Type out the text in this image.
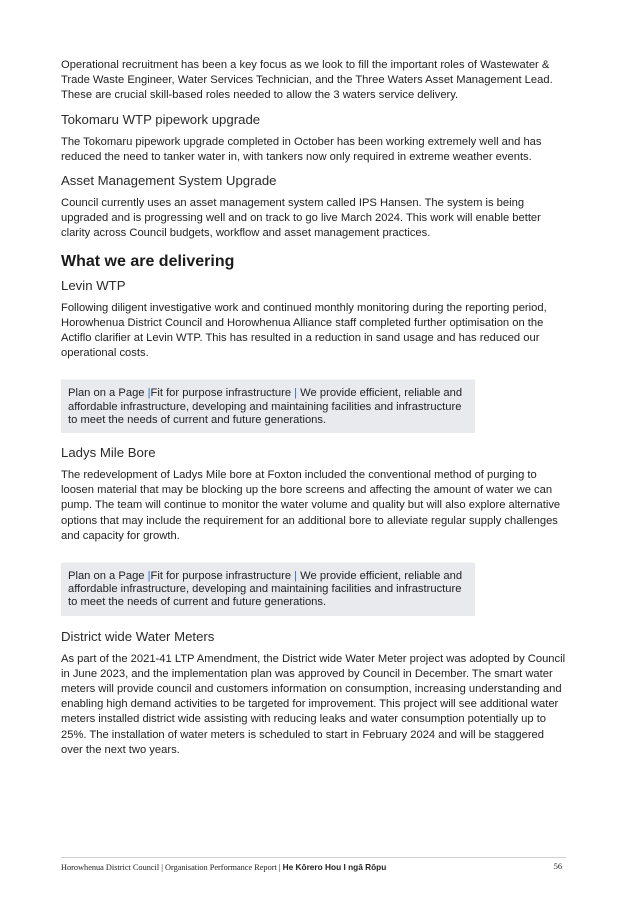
Operational recruitment has been a key focus as we look to fill the important roles of Wastewater & Trade Waste Engineer, Water Services Technician, and the Three Waters Asset Management Lead. These are crucial skill-based roles needed to allow the 3 waters service delivery.

Tokomaru WTP pipework upgrade

The Tokomaru pipework upgrade completed in October has been working extremely well and has reduced the need to tanker water in, with tankers now only required in extreme weather events.

Asset Management System Upgrade

Council currently uses an asset management system called IPS Hansen. The system is being upgraded and is progressing well and on track to go live March 2024. This work will enable better clarity across Council budgets, workflow and asset management practices.

What we are delivering
Levin WTP

Following diligent investigative work and continued monthly monitoring during the reporting period, Horowhenua District Council and Horowhenua Alliance staff completed further optimisation on the Actiflo clarifier at Levin WTP. This has resulted in a reduction in sand usage and has reduced our operational costs.

Plan on a Page |Fit for purpose infrastructure | We provide efficient, reliable and affordable infrastructure, developing and maintaining facilities and infrastructure to meet the needs of current and future generations.
Ladys Mile Bore

The redevelopment of Ladys Mile bore at Foxton included the conventional method of purging to loosen material that may be blocking up the bore screens and affecting the amount of water we can pump. The team will continue to monitor the water volume and quality but will also explore alternative options that may include the requirement for an additional bore to alleviate regular supply challenges and capacity for growth.

Plan on a Page |Fit for purpose infrastructure | We provide efficient, reliable and affordable infrastructure, developing and maintaining facilities and infrastructure to meet the needs of current and future generations.
District wide Water Meters

As part of the 2021-41 LTP Amendment, the District wide Water Meter project was adopted by Council in June 2023, and the implementation plan was approved by Council in December. The smart water meters will provide council and customers information on consumption, increasing understanding and enabling high demand activities to be targeted for improvement. This project will see additional water meters installed district wide assisting with reducing leaks and water consumption potentially up to 25%. The installation of water meters is scheduled to start in February 2024 and will be staggered over the next two years.

Horowhenua District Council | Organisation Performance Report | He Kōrero Hou I ngā Rōpu	56
